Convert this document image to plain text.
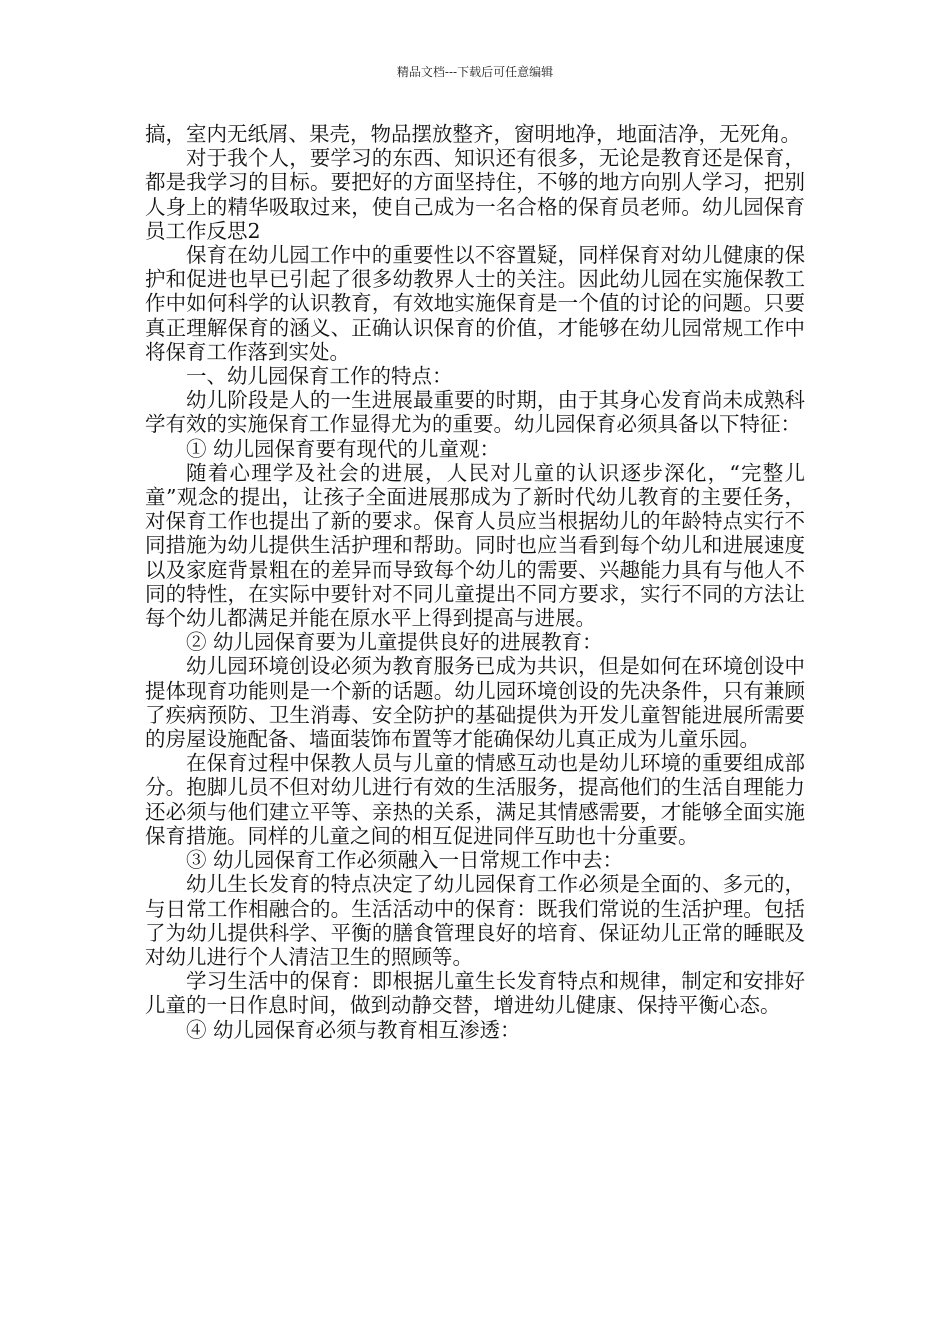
精品文档---下载后可任意编辑

搞，室内无纸屑、果壳，物品摆放整齐，窗明地净，地面洁净，无死角。

对于我个人，要学习的东西、知识还有很多，无论是教育还是保育，都是我学习的目标。要把好的方面坚持住，不够的地方向别人学习，把别人身上的精华吸取过来，使自己成为一名合格的保育员老师。幼儿园保育员工作反思2

保育在幼儿园工作中的重要性以不容置疑，同样保育对幼儿健康的保护和促进也早已引起了很多幼教界人士的关注。因此幼儿园在实施保教工作中如何科学的认识教育，有效地实施保育是一个值的讨论的问题。只要真正理解保育的涵义、正确认识保育的价值，才能够在幼儿园常规工作中将保育工作落到实处。

一、幼儿园保育工作的特点：

幼儿阶段是人的一生进展最重要的时期，由于其身心发育尚未成熟科学有效的实施保育工作显得尤为的重要。幼儿园保育必须具备以下特征：

① 幼儿园保育要有现代的儿童观：

随着心理学及社会的进展，人民对儿童的认识逐步深化，“完整儿童”观念的提出，让孩子全面进展那成为了新时代幼儿教育的主要任务，对保育工作也提出了新的要求。保育人员应当根据幼儿的年龄特点实行不同措施为幼儿提供生活护理和帮助。同时也应当看到每个幼儿和进展速度以及家庭背景粗在的差异而导致每个幼儿的需要、兴趣能力具有与他人不同的特性，在实际中要针对不同儿童提出不同方要求，实行不同的方法让每个幼儿都满足并能在原水平上得到提高与进展。

② 幼儿园保育要为儿童提供良好的进展教育：

幼儿园环境创设必须为教育服务已成为共识，但是如何在环境创设中提体现育功能则是一个新的话题。幼儿园环境创设的先决条件，只有兼顾了疾病预防、卫生消毒、安全防护的基础提供为开发儿童智能进展所需要的房屋设施配备、墙面装饰布置等才能确保幼儿真正成为儿童乐园。

在保育过程中保教人员与儿童的情感互动也是幼儿环境的重要组成部分。抱脚儿员不但对幼儿进行有效的生活服务，提高他们的生活自理能力还必须与他们建立平等、亲热的关系，满足其情感需要，才能够全面实施保育措施。同样的儿童之间的相互促进同伴互助也十分重要。

③ 幼儿园保育工作必须融入一日常规工作中去：

幼儿生长发育的特点决定了幼儿园保育工作必须是全面的、多元的，与日常工作相融合的。生活活动中的保育：既我们常说的生活护理。包括了为幼儿提供科学、平衡的膳食管理良好的培育、保证幼儿正常的睡眠及对幼儿进行个人清洁卫生的照顾等。

学习生活中的保育：即根据儿童生长发育特点和规律，制定和安排好儿童的一日作息时间，做到动静交替，增进幼儿健康、保持平衡心态。

④ 幼儿园保育必须与教育相互渗透：
